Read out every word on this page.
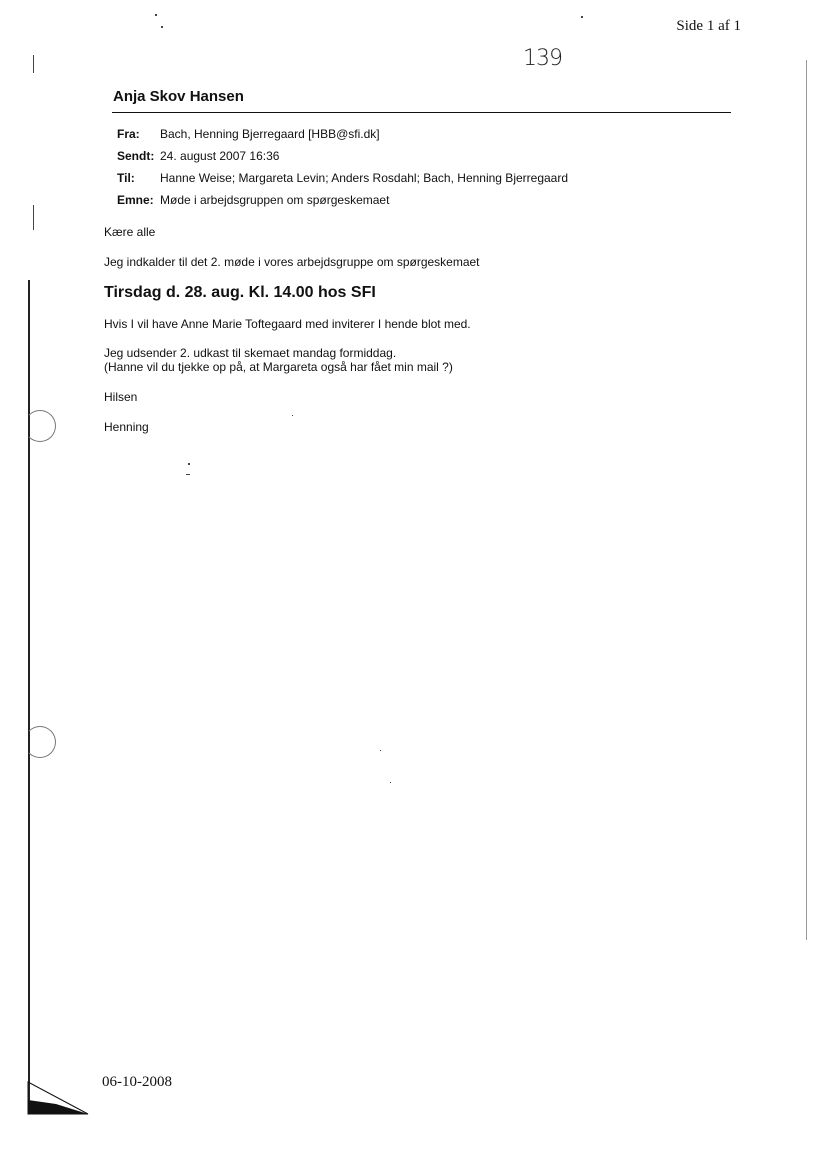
Side 1 af 1
139
Anja Skov Hansen
Fra:	Bach, Henning Bjerregaard [HBB@sfi.dk]
Sendt: 24. august 2007 16:36
Til:	Hanne Weise; Margareta Levin; Anders Rosdahl; Bach, Henning Bjerregaard
Emne: Møde i arbejdsgruppen om spørgeskemaet
Kære alle
Jeg indkalder til det 2. møde i vores arbejdsgruppe om spørgeskemaet
Tirsdag d. 28. aug. Kl. 14.00 hos SFI
Hvis I vil have Anne Marie Toftegaard med inviterer I hende blot med.
Jeg udsender 2. udkast til skemaet mandag formiddag.
(Hanne vil du tjekke op på, at Margareta også har fået min mail ?)
Hilsen
Henning
06-10-2008
